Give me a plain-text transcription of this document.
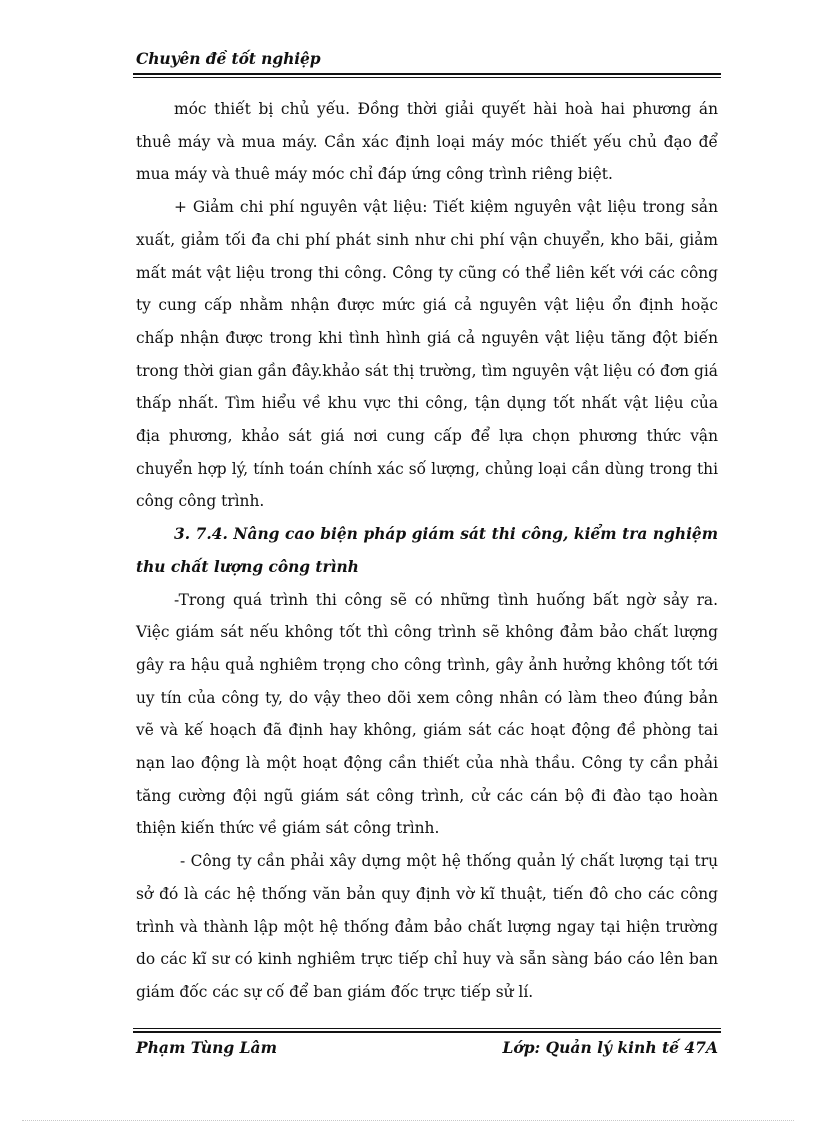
Chuyên đề tốt nghiệp

móc thiết bị chủ yếu. Đồng thời giải quyết hài hoà hai phương án thuê máy và mua máy. Cần xác định loại máy móc thiết yếu chủ đạo để mua máy và thuê máy móc chỉ đáp ứng công trình riêng biệt.

+ Giảm chi phí nguyên vật liệu: Tiết kiệm nguyên vật liệu trong sản xuất, giảm tối đa chi phí phát sinh như chi phí vận chuyển, kho bãi, giảm mất mát vật liệu trong thi công. Công ty cũng có thể liên kết với các công ty cung cấp nhằm nhận được mức giá cả nguyên vật liệu ổn định hoặc chấp nhận được trong khi tình hình giá cả nguyên vật liệu tăng đột biến trong thời gian gần đây.khảo sát thị trường, tìm nguyên vật liệu có đơn giá thấp nhất. Tìm hiểu về khu vực thi công, tận dụng tốt nhất vật liệu của địa phương, khảo sát giá nơi cung cấp để lựa chọn phương thức vận chuyển hợp lý, tính toán chính xác số lượng, chủng loại cần dùng trong thi công công trình.

3. 7.4. Nâng cao biện pháp giám sát thi công, kiểm tra nghiệm thu chất lượng công trình

-Trong quá trình thi công sẽ có những tình huống bất ngờ sảy ra. Việc giám sát nếu không tốt thì công trình sẽ không đảm bảo chất lượng gây ra hậu quả nghiêm trọng cho công trình, gây ảnh hưởng không tốt tới uy tín của công ty, do vậy theo dõi xem công nhân có làm theo đúng bản vẽ và kế hoạch đã định hay không, giám sát các hoạt động đề phòng tai nạn lao động là một hoạt động cần thiết của nhà thầu. Công ty cần phải tăng cường đội ngũ giám sát công trình, cử các cán bộ đi đào tạo hoàn thiện kiến thức về giám sát công trình.

- Công ty cần phải xây dựng một hệ thống quản lý chất lượng tại trụ sở đó là các hệ thống văn bản quy định vờ kĩ thuật, tiến đô cho các công trình và thành lập một hệ thống đảm bảo chất lượng ngay tại hiện trường do các kĩ sư có kinh nghiêm trực tiếp chỉ huy và sẵn sàng báo cáo lên ban giám đốc các sự cố để ban giám đốc trực tiếp sử lí.

Phạm Tùng Lâm	Lớp: Quản lý kinh tế 47A
